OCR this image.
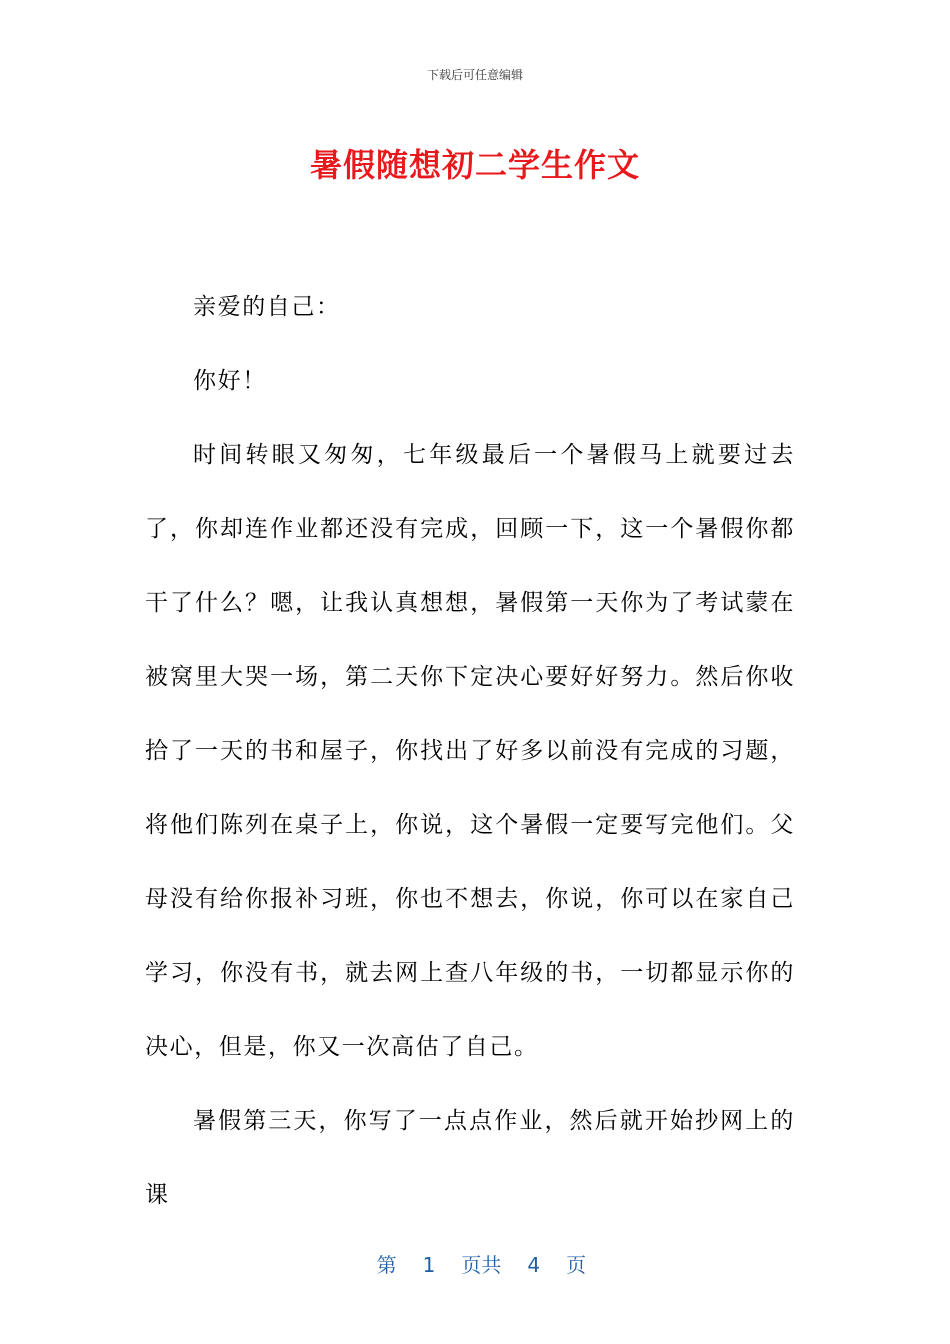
下载后可任意编辑
暑假随想初二学生作文

亲爱的自己：

你好！

时间转眼又匆匆，七年级最后一个暑假马上就要过去了，你却连作业都还没有完成，回顾一下，这一个暑假你都干了什么？嗯，让我认真想想，暑假第一天你为了考试蒙在被窝里大哭一场，第二天你下定决心要好好努力。然后你收拾了一天的书和屋子，你找出了好多以前没有完成的习题，将他们陈列在桌子上，你说，这个暑假一定要写完他们。父母没有给你报补习班，你也不想去，你说，你可以在家自己学习，你没有书，就去网上查八年级的书，一切都显示你的决心，但是，你又一次高估了自己。

暑假第三天，你写了一点点作业，然后就开始抄网上的课

第 1 页共 4 页
